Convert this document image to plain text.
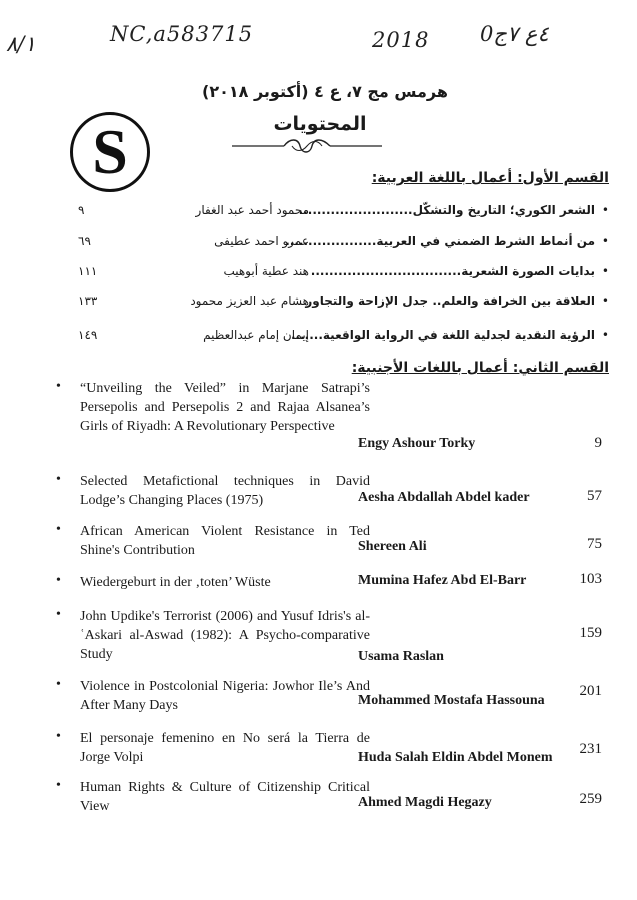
٨/١	NC,a583715	2018 ٤ع ٧ج0
هرمس مج ٧، ع ٤ (أكتوبر ٢٠١٨)
المحتويات
S	القسم الأول: أعمال باللغة العربية:
•
الشعر الكوري؛ التاريخ والتشكّل.........................
محمود أحمد عبد الغفار
٩
•
من أنماط الشرط الضمني في العربية....................
عمرو احمد عطيفى
٦٩
•
بدايات الصورة الشعرية.................................
هند عطية أبوهيب
١١١
•
العلاقة بين الخرافة والعلم.. جدل الإزاحة والتجاور
هشام عبد العزيز محمود
١٣٣
•
الرؤية النقدية لجدلية اللغة في الرواية الواقعية.......
إيمان إمام عبدالعظيم
١٤٩
القسم الثاني: أعمال باللغات الأجنبية:
• “Unveiling the Veiled” in Marjane Satrapi’s Persepolis and Persepolis 2 and Rajaa Alsanea’s Girls of Riyadh: A Revolutionary Perspective
Engy Ashour Torky	9
• Selected Metafictional techniques in David Lodge’s Changing Places (1975)	Aesha Abdallah Abdel kader	57
• African American Violent Resistance in Ted Shine's Contribution	Shereen Ali	75
• Wiedergeburt in der ‚toten’ Wüste	Mumina Hafez Abd El-Barr	103
• John Updike's Terrorist (2006) and Yusuf Idris's al-ʿAskari al-Aswad (1982): A Psycho-comparative Study	Usama Raslan
159
• Violence in Postcolonial Nigeria: Jowhor Ile’s And After Many Days	Mohammed Mostafa Hassouna
201
• El personaje femenino en No será la Tierra de Jorge Volpi	Huda Salah Eldin Abdel Monem
231
• Human Rights & Culture of Citizenship Critical View	Ahmed Magdi Hegazy	259
